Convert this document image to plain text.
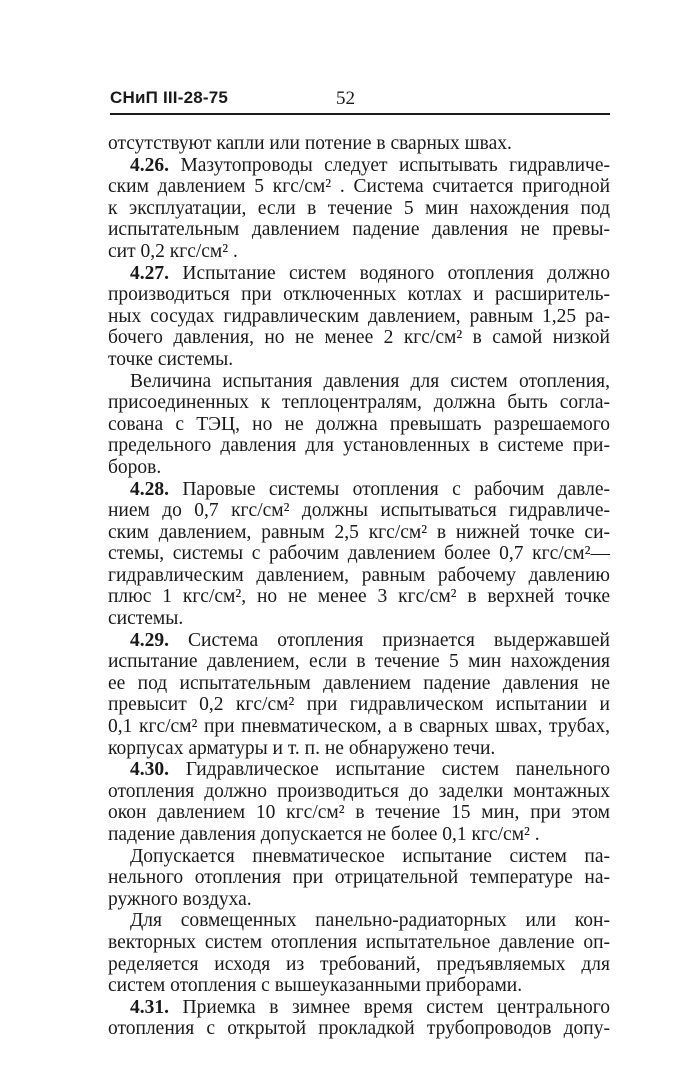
СНиП III-28-75	52
отсутствуют капли или потение в сварных швах.
4.26. Мазутопроводы следует испытывать гидравличе-
ским давлением 5 кгс/см² . Система считается пригодной
к эксплуатации, если в течение 5 мин нахождения под
испытательным давлением падение давления не превы-
сит 0,2 кгс/см² .
4.27. Испытание систем водяного отопления должно
производиться при отключенных котлах и расширитель-
ных сосудах гидравлическим давлением, равным 1,25 ра-
бочего давления, но не менее 2 кгс/см² в самой низкой
точке системы.
Величина испытания давления для систем отопления,
присоединенных к теплоцентралям, должна быть согла-
сована с ТЭЦ, но не должна превышать разрешаемого
предельного давления для установленных в системе при-
боров.
4.28. Паровые системы отопления с рабочим давле-
нием до 0,7 кгс/см² должны испытываться гидравличе-
ским давлением, равным 2,5 кгс/см² в нижней точке си-
стемы, системы с рабочим давлением более 0,7 кгс/см²—
гидравлическим давлением, равным рабочему давлению
плюс 1 кгс/см², но не менее 3 кгс/см² в верхней точке
системы.
4.29. Система отопления признается выдержавшей
испытание давлением, если в течение 5 мин нахождения
ее под испытательным давлением падение давления не
превысит 0,2 кгс/см² при гидравлическом испытании и
0,1 кгс/см² при пневматическом, а в сварных швах, трубах,
корпусах арматуры и т. п. не обнаружено течи.
4.30. Гидравлическое испытание систем панельного
отопления должно производиться до заделки монтажных
окон давлением 10 кгс/см² в течение 15 мин, при этом
падение давления допускается не более 0,1 кгс/см² .
Допускается пневматическое испытание систем па-
нельного отопления при отрицательной температуре на-
ружного воздуха.
Для совмещенных панельно-радиаторных или кон-
векторных систем отопления испытательное давление оп-
ределяется исходя из требований, предъявляемых для
систем отопления с вышеуказанными приборами.
4.31. Приемка в зимнее время систем центрального
отопления с открытой прокладкой трубопроводов допу-
